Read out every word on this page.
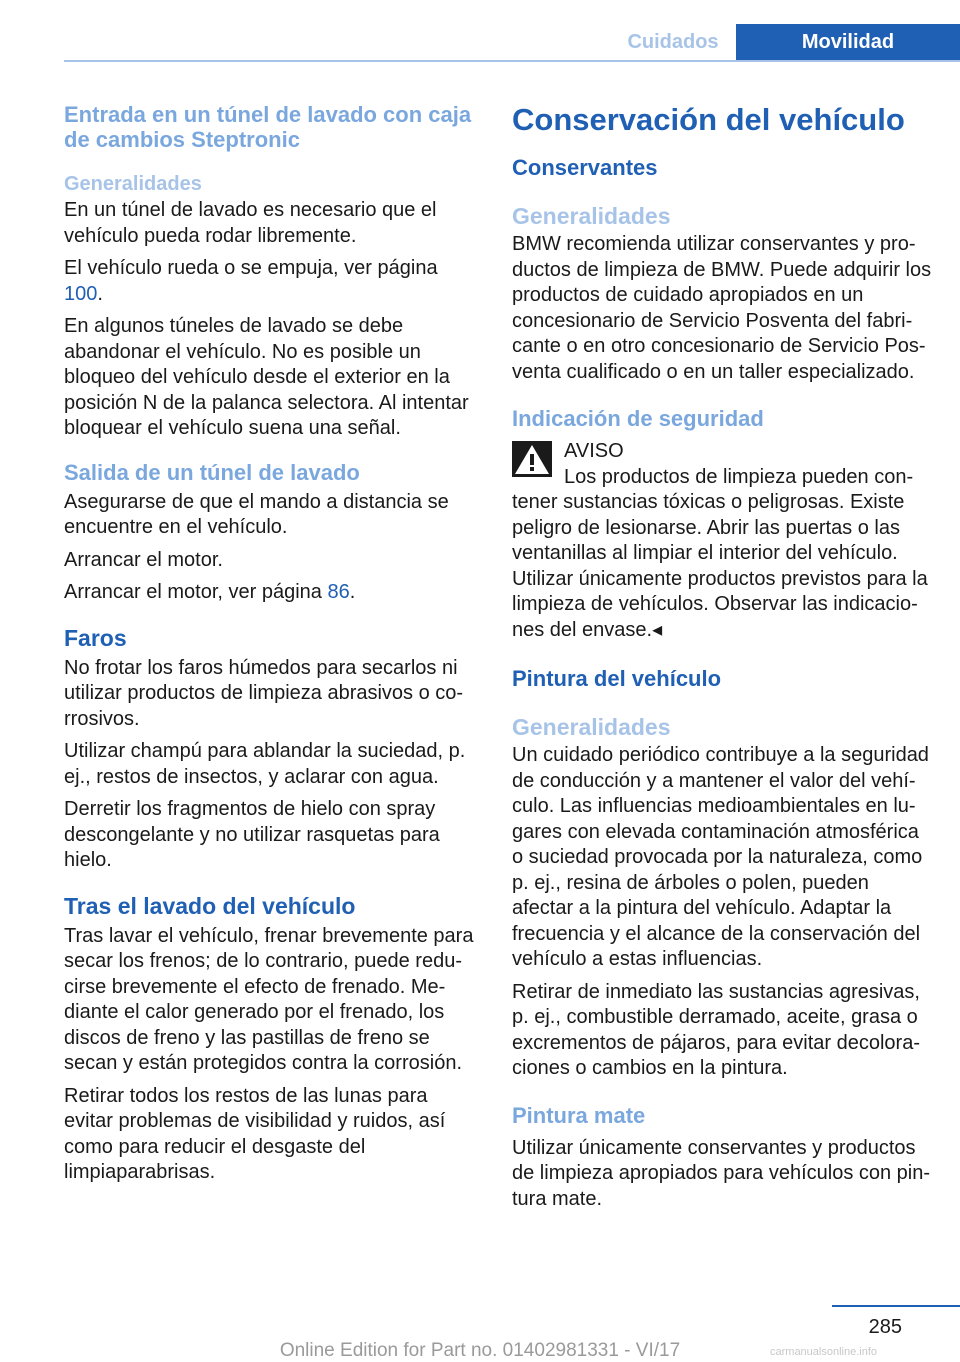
Cuidados	Movilidad
Entrada en un túnel de lavado con caja de cambios Steptronic
Generalidades

En un túnel de lavado es necesario que el vehículo pueda rodar libremente.

El vehículo rueda o se empuja, ver página 100.

En algunos túneles de lavado se debe abandonar el vehículo. No es posible un bloqueo del vehículo desde el exterior en la posición N de la palanca selectora. Al intentar bloquear el vehículo suena una señal.

Salida de un túnel de lavado

Asegurarse de que el mando a distancia se encuentre en el vehículo.

Arrancar el motor.

Arrancar el motor, ver página 86.

Faros

No frotar los faros húmedos para secarlos ni utilizar productos de limpieza abrasivos o corrosivos.

Utilizar champú para ablandar la suciedad, p. ej., restos de insectos, y aclarar con agua.

Derretir los fragmentos de hielo con spray descongelante y no utilizar rasquetas para hielo.

Tras el lavado del vehículo

Tras lavar el vehículo, frenar brevemente para secar los frenos; de lo contrario, puede reducirse brevemente el efecto de frenado. Mediante el calor generado por el frenado, los discos de freno y las pastillas de freno se secan y están protegidos contra la corrosión.

Retirar todos los restos de las lunas para evitar problemas de visibilidad y ruidos, así como para reducir el desgaste del limpiaparabrisas.

Conservación del vehículo
Conservantes
Generalidades

BMW recomienda utilizar conservantes y productos de limpieza de BMW. Puede adquirir los productos de cuidado apropiados en un concesionario de Servicio Posventa del fabricante o en otro concesionario de Servicio Posventa cualificado o en un taller especializado.

Indicación de seguridad
AVISO

Los productos de limpieza pueden contener sustancias tóxicas o peligrosas. Existe peligro de lesionarse. Abrir las puertas o las ventanillas al limpiar el interior del vehículo. Utilizar únicamente productos previstos para la limpieza de vehículos. Observar las indicaciones del envase.◂

Pintura del vehículo
Generalidades

Un cuidado periódico contribuye a la seguridad de conducción y a mantener el valor del vehículo. Las influencias medioambientales en lugares con elevada contaminación atmosférica o suciedad provocada por la naturaleza, como p. ej., resina de árboles o polen, pueden afectar a la pintura del vehículo. Adaptar la frecuencia y el alcance de la conservación del vehículo a estas influencias.

Retirar de inmediato las sustancias agresivas, p. ej., combustible derramado, aceite, grasa o excrementos de pájaros, para evitar decoloraciones o cambios en la pintura.

Pintura mate

Utilizar únicamente conservantes y productos de limpieza apropiados para vehículos con pintura mate.

285
Online Edition for Part no. 01402981331 - VI/17	carmanualsonline.info
